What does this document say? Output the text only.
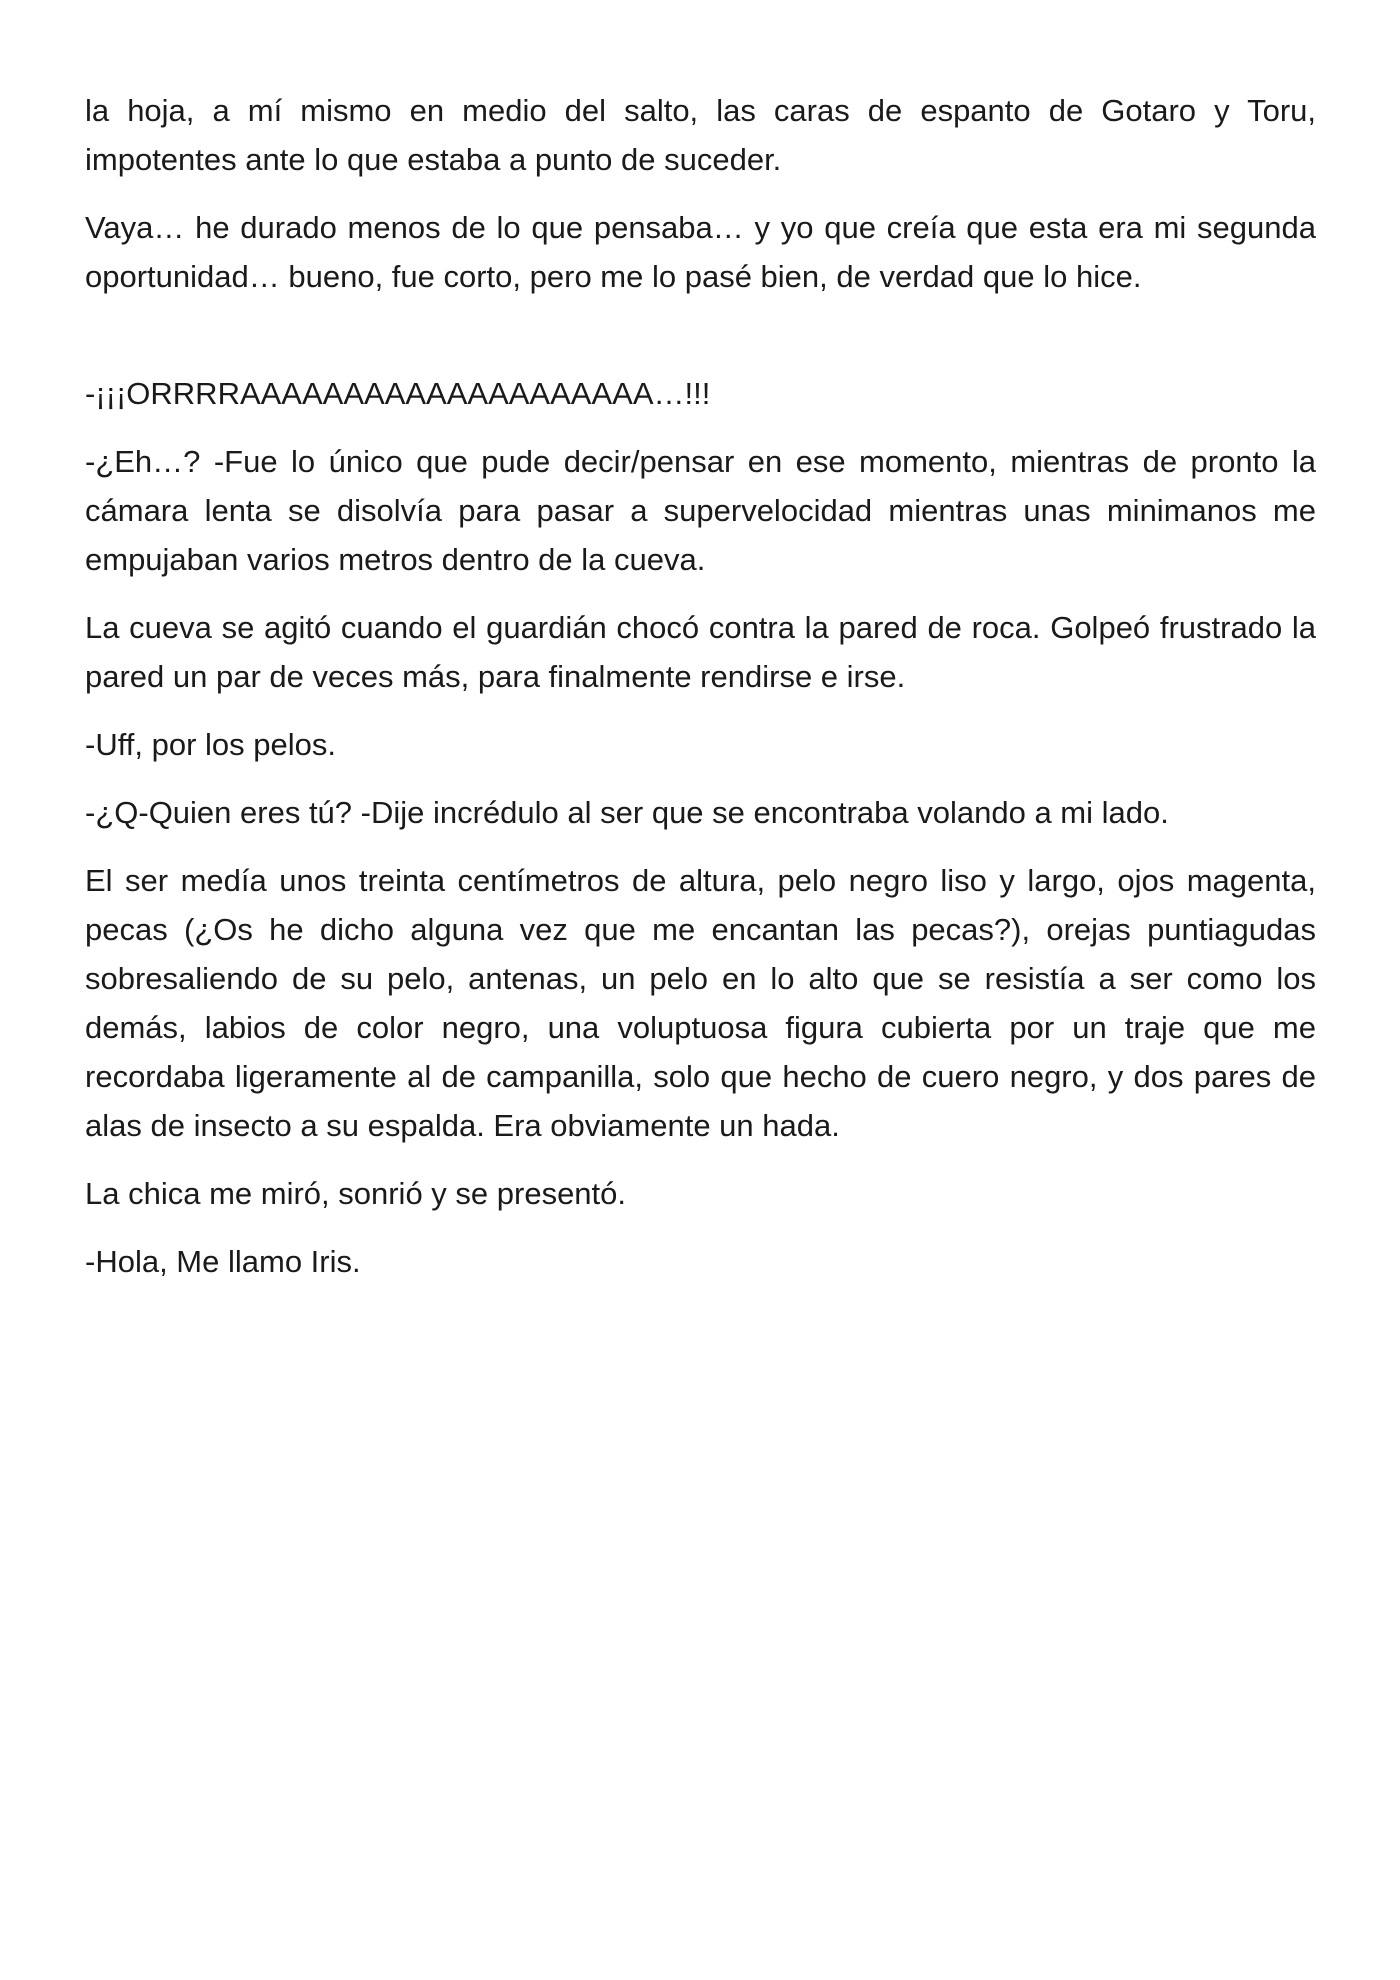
la hoja, a mí mismo en medio del salto, las caras de espanto de Gotaro y Toru, impotentes ante lo que estaba a punto de suceder.

Vaya… he durado menos de lo que pensaba… y yo que creía que esta era mi segunda oportunidad… bueno, fue corto, pero me lo pasé bien, de verdad que lo hice.

-¡¡¡ORRRRAAAAAAAAAAAAAAAAAAAA…!!!

-¿Eh…? -Fue lo único que pude decir/pensar en ese momento, mientras de pronto la cámara lenta se disolvía para pasar a supervelocidad mientras unas minimanos me empujaban varios metros dentro de la cueva.

La cueva se agitó cuando el guardián chocó contra la pared de roca. Golpeó frustrado la pared un par de veces más, para finalmente rendirse e irse.

-Uff, por los pelos.

-¿Q-Quien eres tú? -Dije incrédulo al ser que se encontraba volando a mi lado.

El ser medía unos treinta centímetros de altura, pelo negro liso y largo, ojos magenta, pecas (¿Os he dicho alguna vez que me encantan las pecas?), orejas puntiagudas sobresaliendo de su pelo, antenas, un pelo en lo alto que se resistía a ser como los demás, labios de color negro, una voluptuosa figura cubierta por un traje que me recordaba ligeramente al de campanilla, solo que hecho de cuero negro, y dos pares de alas de insecto a su espalda. Era obviamente un hada.

La chica me miró, sonrió y se presentó.

-Hola, Me llamo Iris.
